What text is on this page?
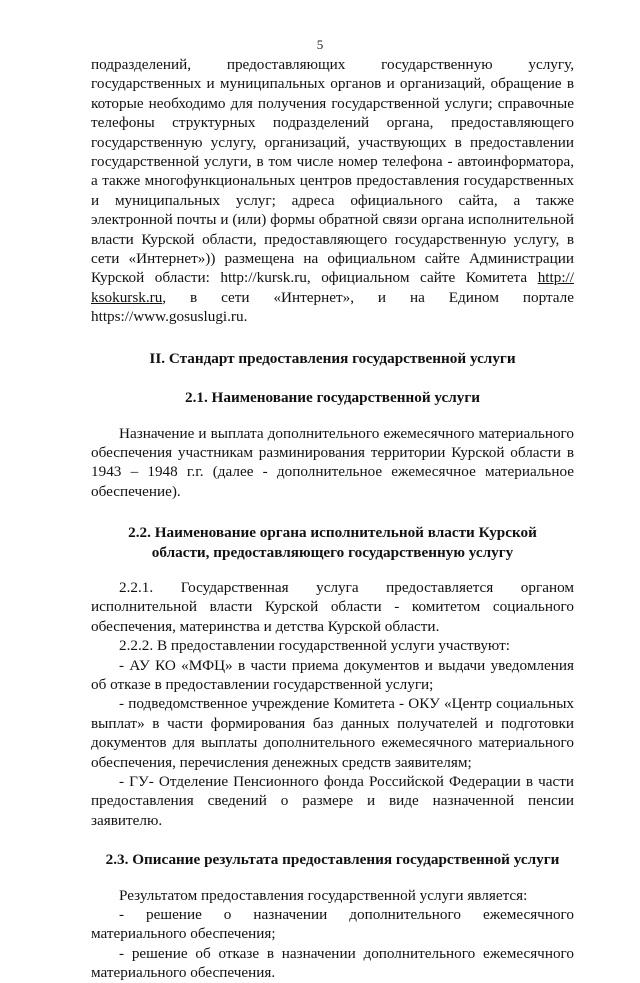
5

подразделений, предоставляющих государственную услугу, государственных и муниципальных органов и организаций, обращение в которые необходимо для получения государственной услуги; справочные телефоны структурных подразделений органа, предоставляющего государственную услугу, организаций, участвующих в предоставлении государственной услуги, в том числе номер телефона - автоинформатора, а также многофункциональных центров предоставления государственных и муниципальных услуг; адреса официального сайта, а также электронной почты и (или) формы обратной связи органа исполнительной власти Курской области, предоставляющего государственную услугу, в сети «Интернет»)) размещена на официальном сайте Администрации Курской области: http://kursk.ru, официальном сайте Комитета http:// ksokursk.ru, в сети «Интернет», и на Едином портале https://www.gosuslugi.ru.

II. Стандарт предоставления государственной услуги

2.1. Наименование государственной услуги

Назначение и выплата дополнительного ежемесячного материального обеспечения участникам разминирования территории Курской области в 1943 – 1948 г.г. (далее - дополнительное ежемесячное материальное обеспечение).

2.2. Наименование органа исполнительной власти Курской

области, предоставляющего государственную услугу

2.2.1. Государственная услуга предоставляется органом исполнительной власти Курской области - комитетом социального обеспечения, материнства и детства Курской области.

2.2.2. В предоставлении государственной услуги участвуют:

- АУ КО «МФЦ» в части приема документов и выдачи уведомления об отказе в предоставлении государственной услуги;

- подведомственное учреждение Комитета - ОКУ «Центр социальных выплат» в части формирования баз данных получателей и подготовки документов для выплаты дополнительного ежемесячного материального обеспечения, перечисления денежных средств заявителям;

- ГУ- Отделение Пенсионного фонда Российской Федерации в части предоставления сведений о размере и виде назначенной пенсии заявителю.

2.3. Описание результата предоставления государственной услуги

Результатом предоставления государственной услуги является:

- решение о назначении дополнительного ежемесячного материального обеспечения;

- решение об отказе в назначении дополнительного ежемесячного материального обеспечения.
